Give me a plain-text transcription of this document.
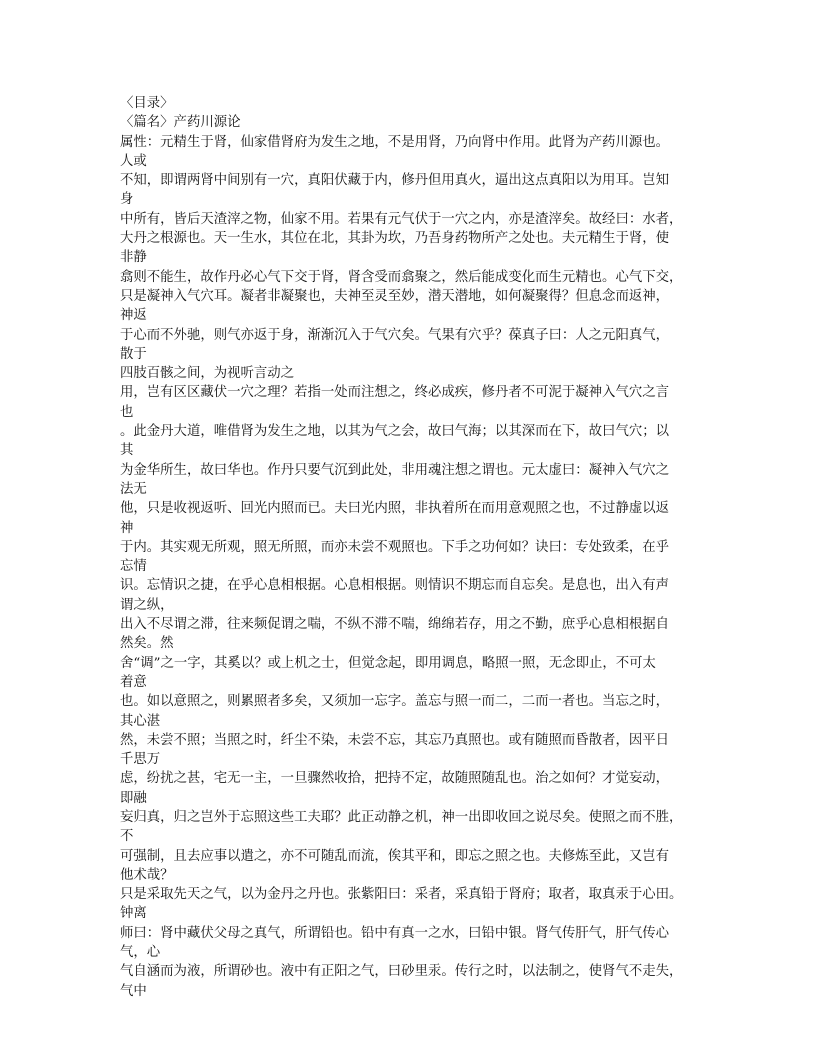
〈目录〉
〈篇名〉产药川源论
属性：元精生于肾，仙家借肾府为发生之地，不是用肾，乃向肾中作用。此肾为产药川源也。
人或
不知，即谓两肾中间别有一穴，真阳伏藏于内，修丹但用真火，逼出这点真阳以为用耳。岂知
身
中所有，皆后天渣滓之物，仙家不用。若果有元气伏于一穴之内，亦是渣滓矣。故经曰：水者，
大丹之根源也。天一生水，其位在北，其卦为坎，乃吾身药物所产之处也。夫元精生于肾，使
非静
翕则不能生，故作丹必心气下交于肾，肾含受而翕聚之，然后能成变化而生元精也。心气下交，
只是凝神入气穴耳。凝者非凝聚也，夫神至灵至妙，潜天潜地，如何凝聚得？但息念而返神，
神返
于心而不外驰，则气亦返于身，渐渐沉入于气穴矣。气果有穴乎？葆真子曰：人之元阳真气，
散于
四肢百骸之间，为视听言动之
用，岂有区区藏伏一穴之理？若指一处而注想之，终必成疾，修丹者不可泥于凝神入气穴之言
也
。此金丹大道，唯借肾为发生之地，以其为气之会，故曰气海；以其深而在下，故曰气穴；以
其
为金华所生，故曰华也。作丹只要气沉到此处，非用魂注想之谓也。元太虚曰：凝神入气穴之
法无
他，只是收视返听、回光内照而已。夫曰光内照，非执着所在而用意观照之也，不过静虚以返
神
于内。其实观无所观，照无所照，而亦未尝不观照也。下手之功何如？诀曰：专处致柔，在乎
忘情
识。忘情识之捷，在乎心息相根据。心息相根据。则情识不期忘而自忘矣。是息也，出入有声
谓之纵，
出入不尽谓之滞，往来频促谓之喘，不纵不滞不喘，绵绵若存，用之不勤，庶乎心息相根据自
然矣。然
舍“调”之一字，其奚以？或上机之士，但觉念起，即用调息，略照一照，无念即止，不可太
着意
也。如以意照之，则累照者多矣，又须加一忘字。盖忘与照一而二，二而一者也。当忘之时，
其心湛
然，未尝不照；当照之时，纤尘不染，未尝不忘，其忘乃真照也。或有随照而昏散者，因平日
千思万
虑，纷扰之甚，宅无一主，一旦骤然收拾，把持不定，故随照随乱也。治之如何？才觉妄动，
即融
妄归真，归之岂外于忘照这些工夫耶？此正动静之机，神一出即收回之说尽矣。使照之而不胜，
不
可强制，且去应事以遣之，亦不可随乱而流，俟其平和，即忘之照之也。夫修炼至此，又岂有
他术哉？
只是采取先天之气，以为金丹之丹也。张紫阳曰：采者，采真铅于肾府；取者，取真汞于心田。
钟离
师曰：肾中藏伏父母之真气，所谓铅也。铅中有真一之水，曰铅中银。肾气传肝气，肝气传心
气，心
气自涵而为液，所谓砂也。液中有正阳之气，曰砂里汞。传行之时，以法制之，使肾气不走失，
气中
